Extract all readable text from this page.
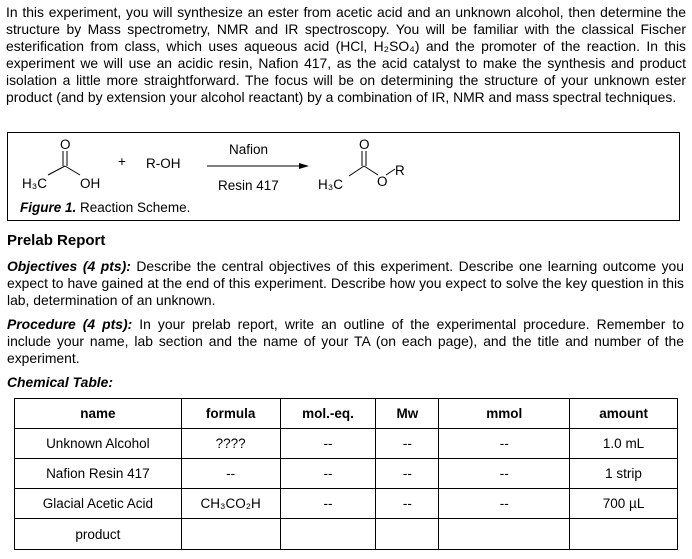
In this experiment, you will synthesize an ester from acetic acid and an unknown alcohol, then determine the structure by Mass spectrometry, NMR and IR spectroscopy. You will be familiar with the classical Fischer esterification from class, which uses aqueous acid (HCl, H₂SO₄) and the promoter of the reaction. In this experiment we will use an acidic resin, Nafion 417, as the acid catalyst to make the synthesis and product isolation a little more straightforward. The focus will be on determining the structure of your unknown ester product (and by extension your alcohol reactant) by a combination of IR, NMR and mass spectral techniques.

O
H₃C OH
+ R-OH
Nafion
Resin 417
O
H₃C	O
R
Figure 1. Reaction Scheme.
Prelab Report

Objectives (4 pts): Describe the central objectives of this experiment. Describe one learning outcome you expect to have gained at the end of this experiment. Describe how you expect to solve the key question in this lab, determination of an unknown.

Procedure (4 pts): In your prelab report, write an outline of the experimental procedure. Remember to include your name, lab section and the name of your TA (on each page), and the title and number of the experiment.

Chemical Table:
name	formula	mol.-eq.	Mw	mmol	amount
Unknown Alcohol	????	--	--	--	1.0 mL
Nafion Resin 417	--	--	--	--	1 strip
Glacial Acetic Acid	CH₃CO₂H	--	--	--	700 µL
product					
